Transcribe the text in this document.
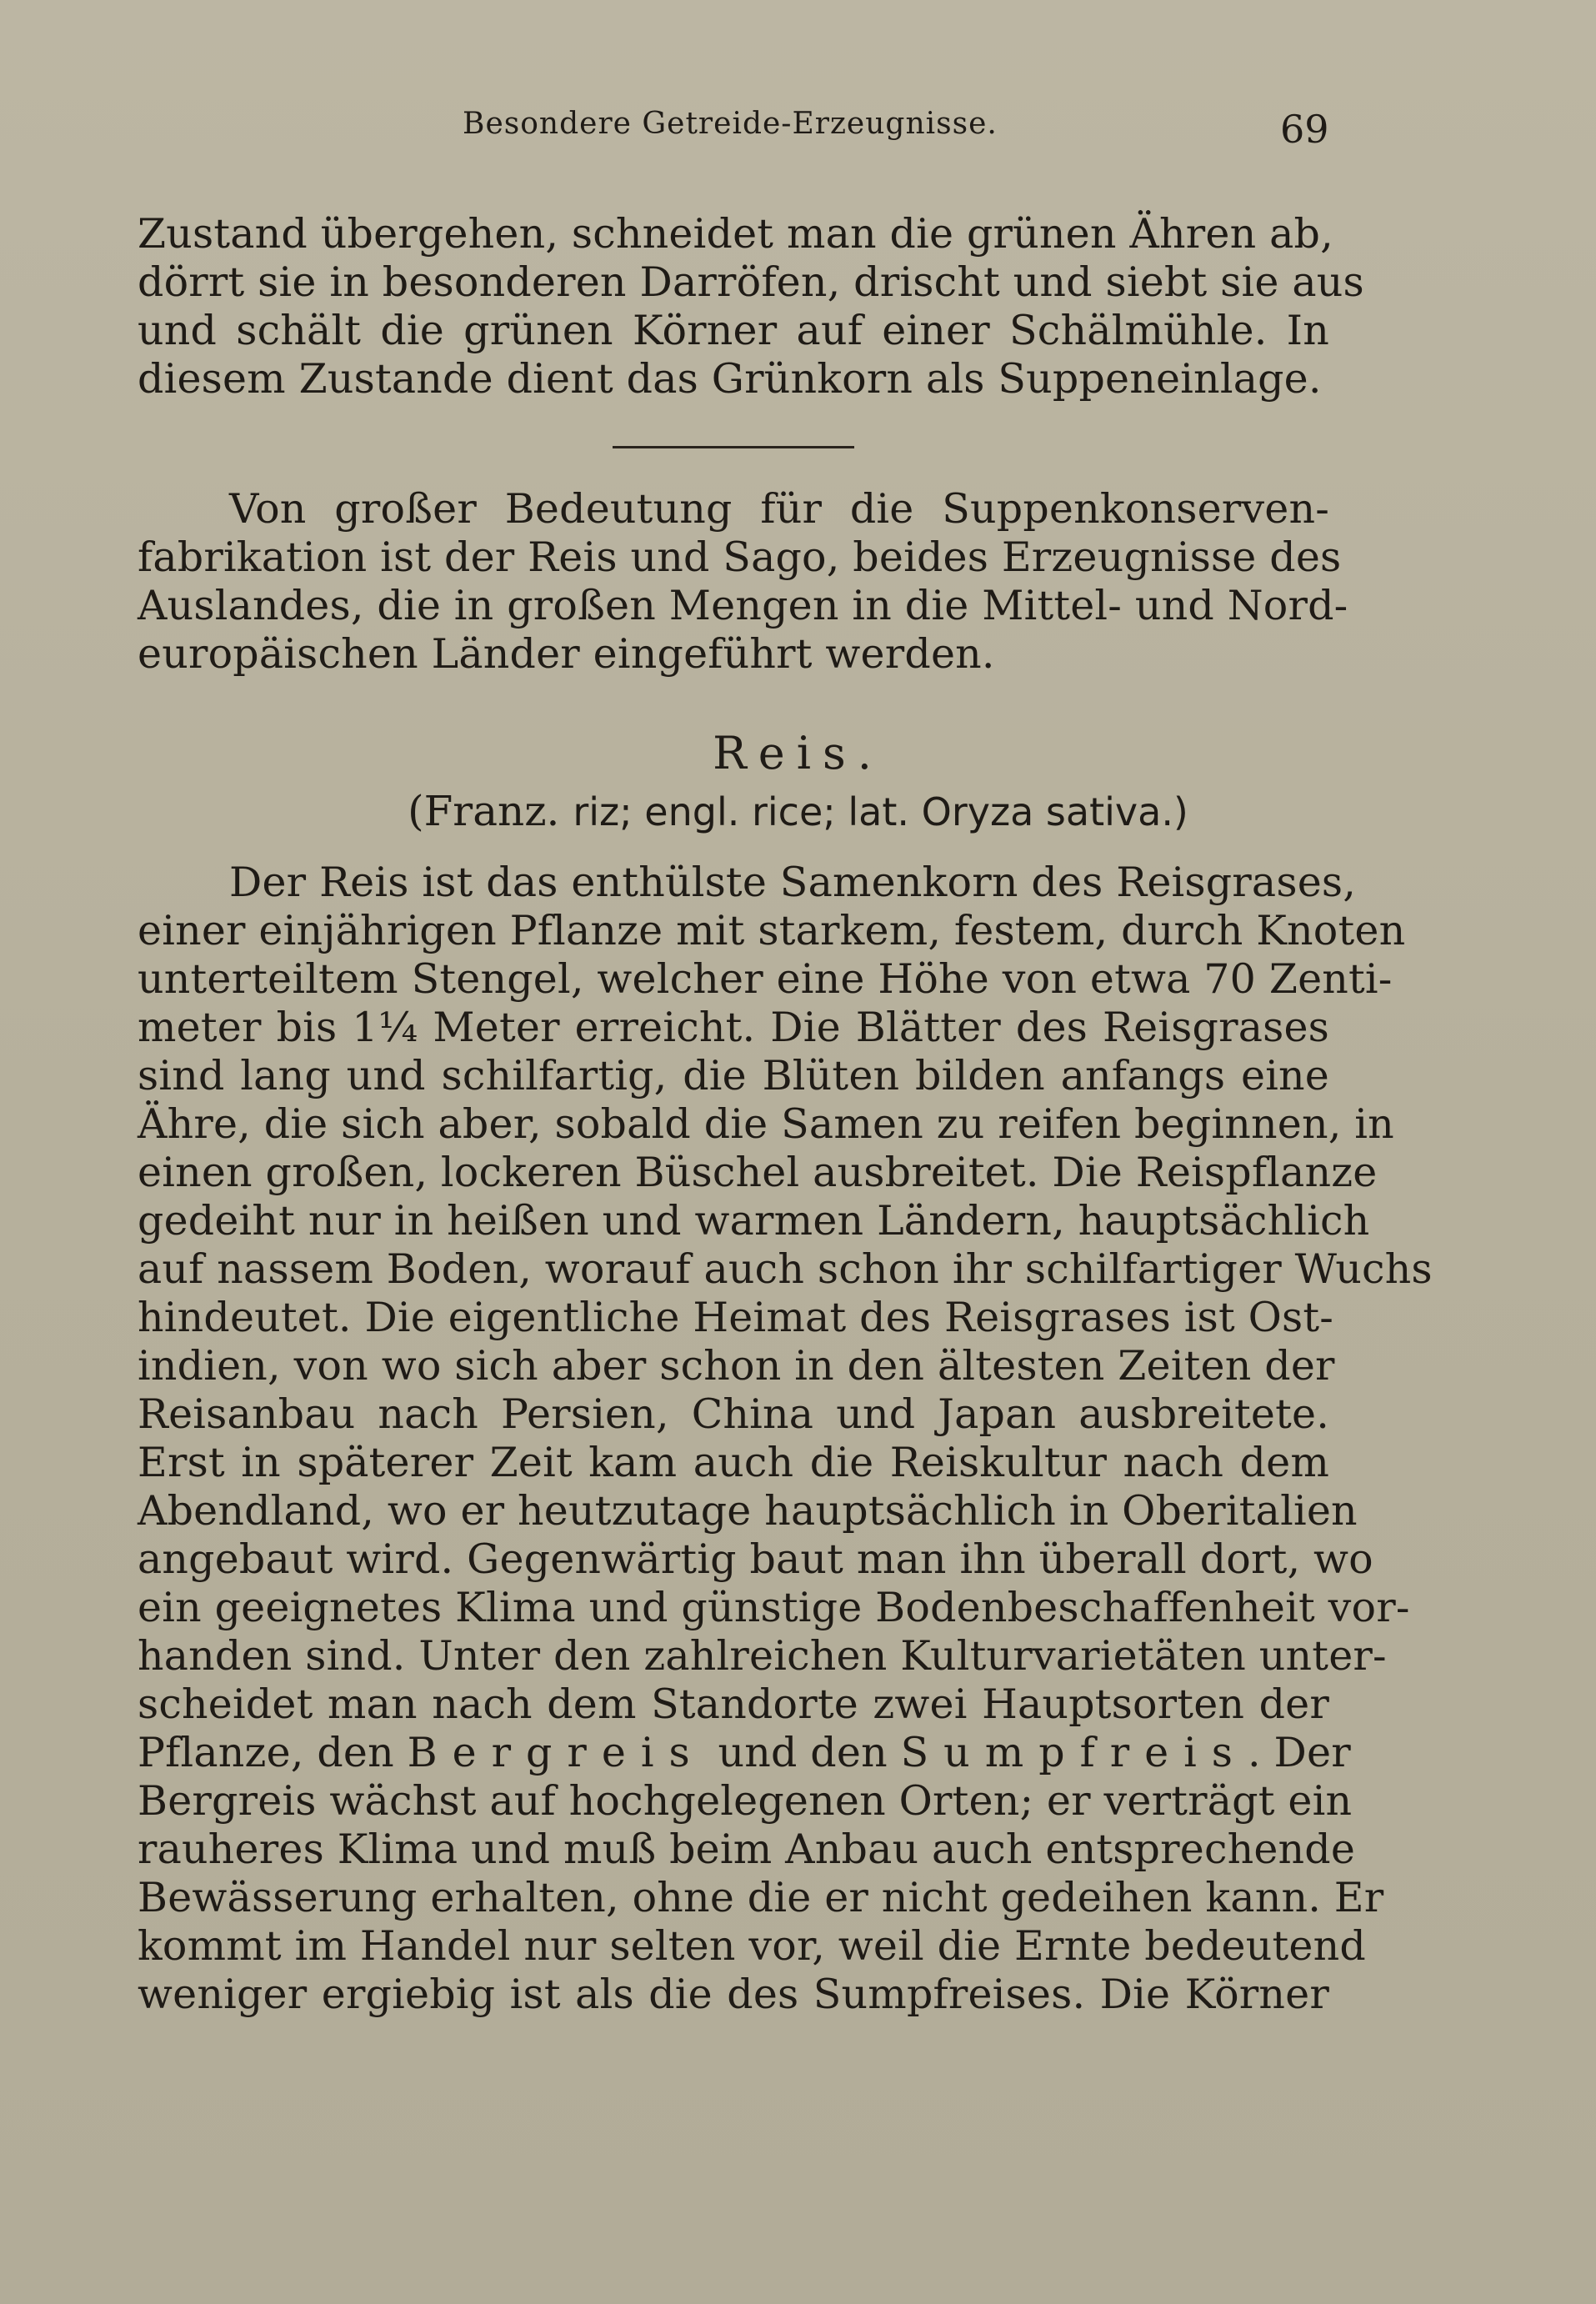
Besondere Getreide-Erzeugnisse.	69
Zustand übergehen, schneidet man die grünen Ähren ab,
dörrt sie in besonderen Darröfen, drischt und siebt sie aus
und schält die grünen Körner auf einer Schälmühle. In
diesem Zustande dient das Grünkorn als Suppeneinlage.
Von großer Bedeutung für die Suppenkonserven-
fabrikation ist der Reis und Sago, beides Erzeugnisse des
Auslandes, die in großen Mengen in die Mittel- und Nord-
europäischen Länder eingeführt werden.
Reis.
(Franz. riz; engl. rice; lat. Oryza sativa.)
Der Reis ist das enthülste Samenkorn des Reisgrases,
einer einjährigen Pflanze mit starkem, festem, durch Knoten
unterteiltem Stengel, welcher eine Höhe von etwa 70 Zenti-
meter bis 1¼ Meter erreicht. Die Blätter des Reisgrases
sind lang und schilfartig, die Blüten bilden anfangs eine
Ähre, die sich aber, sobald die Samen zu reifen beginnen, in
einen großen, lockeren Büschel ausbreitet. Die Reispflanze
gedeiht nur in heißen und warmen Ländern, hauptsächlich
auf nassem Boden, worauf auch schon ihr schilfartiger Wuchs
hindeutet. Die eigentliche Heimat des Reisgrases ist Ost-
indien, von wo sich aber schon in den ältesten Zeiten der
Reisanbau nach Persien, China und Japan ausbreitete.
Erst in späterer Zeit kam auch die Reiskultur nach dem
Abendland, wo er heutzutage hauptsächlich in Oberitalien
angebaut wird. Gegenwärtig baut man ihn überall dort, wo
ein geeignetes Klima und günstige Bodenbeschaffenheit vor-
handen sind. Unter den zahlreichen Kulturvarietäten unter-
scheidet man nach dem Standorte zwei Hauptsorten der
Pflanze, den Bergreis und den Sumpfreis. Der
Bergreis wächst auf hochgelegenen Orten; er verträgt ein
rauheres Klima und muß beim Anbau auch entsprechende
Bewässerung erhalten, ohne die er nicht gedeihen kann. Er
kommt im Handel nur selten vor, weil die Ernte bedeutend
weniger ergiebig ist als die des Sumpfreises. Die Körner
